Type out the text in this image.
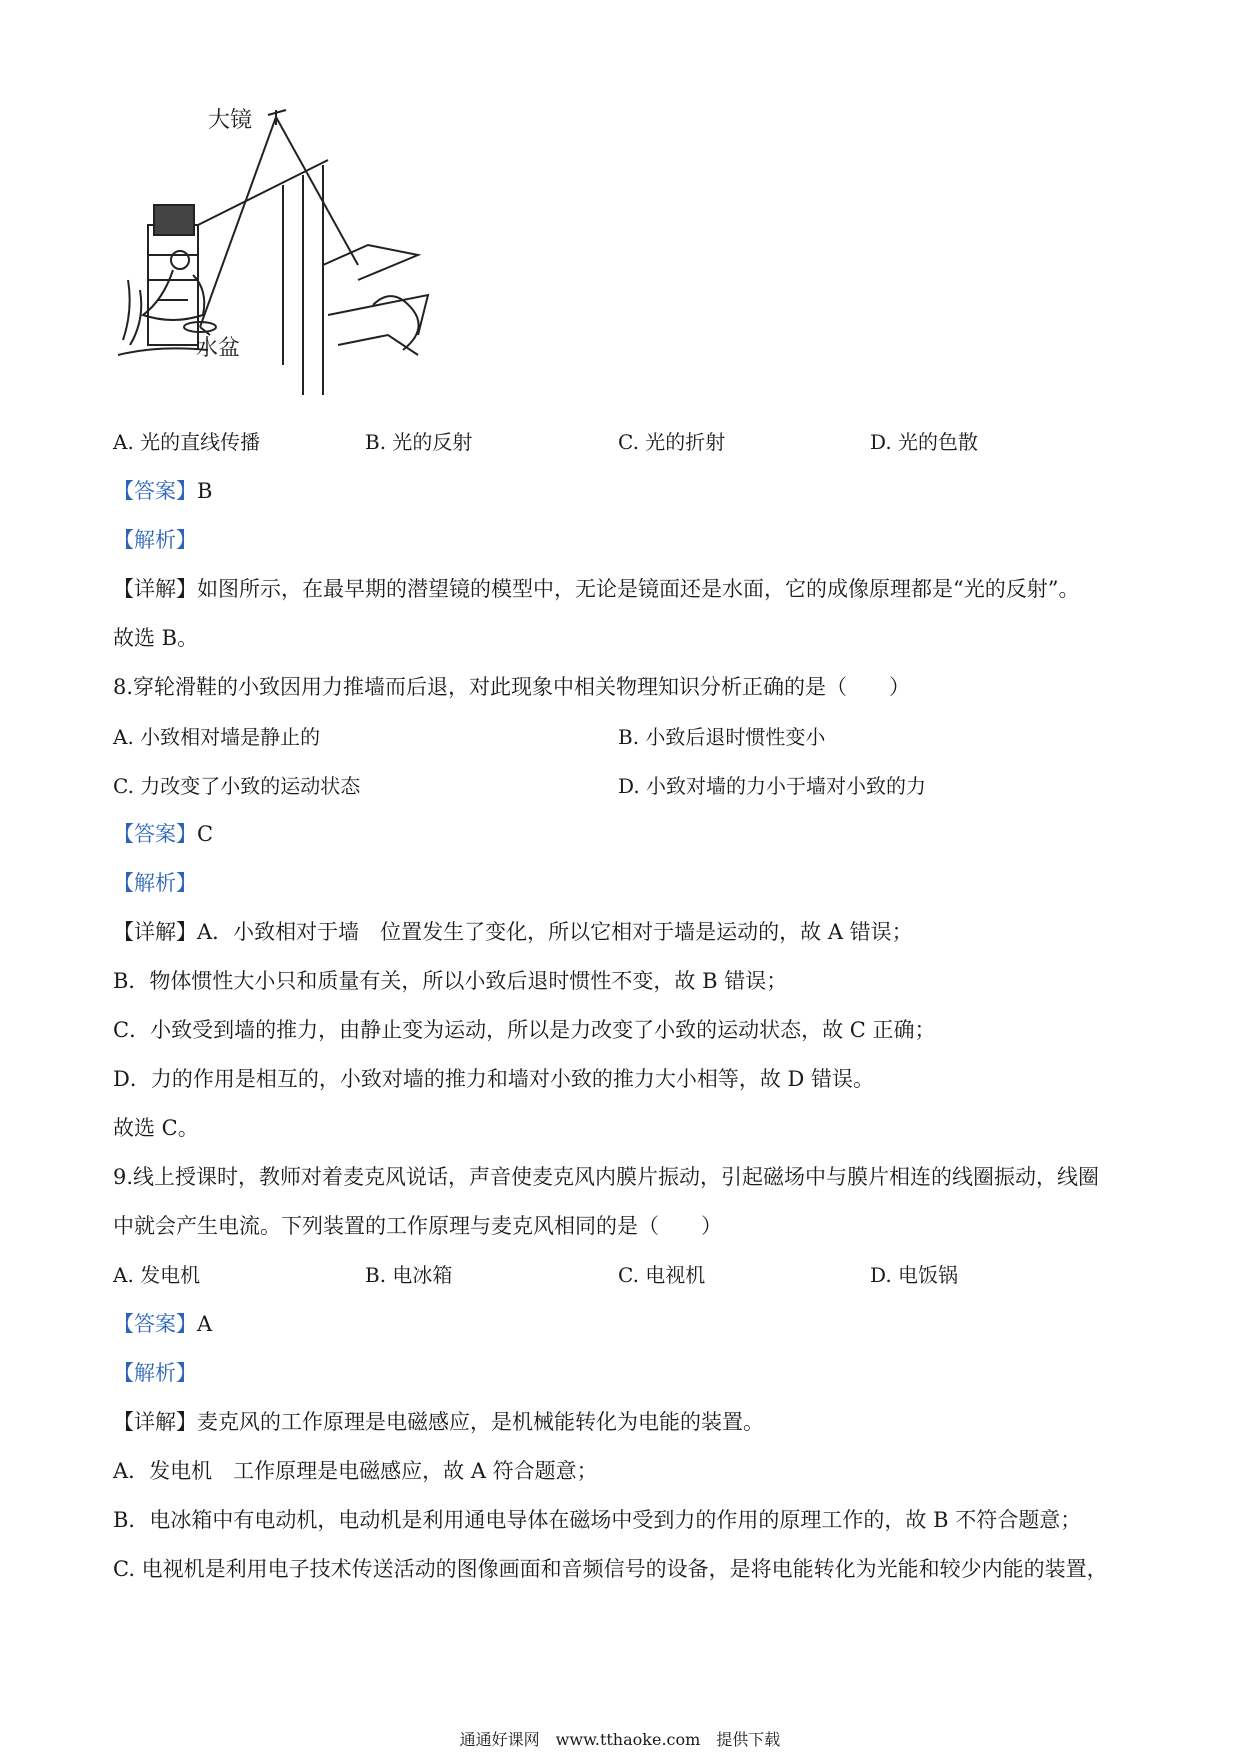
大镜
水盆
A. 光的直线传播	B. 光的反射	C. 光的折射	D. 光的色散
【答案】B
【解析】
【详解】如图所示，在最早期的潜望镜的模型中，无论是镜面还是水面，它的成像原理都是“光的反射”。
故选 B。
8.穿轮滑鞋的小致因用力推墙而后退，对此现象中相关物理知识分析正确的是（　　）
A. 小致相对墙是静止的	B. 小致后退时惯性变小
C. 力改变了小致的运动状态	D. 小致对墙的力小于墙对小致的力
【答案】C
【解析】
【详解】A．小致相对于墙　位置发生了变化，所以它相对于墙是运动的，故 A 错误；
B．物体惯性大小只和质量有关，所以小致后退时惯性不变，故 B 错误；
C．小致受到墙的推力，由静止变为运动，所以是力改变了小致的运动状态，故 C 正确；
D．力的作用是相互的，小致对墙的推力和墙对小致的推力大小相等，故 D 错误。
故选 C。
9.线上授课时，教师对着麦克风说话，声音使麦克风内膜片振动，引起磁场中与膜片相连的线圈振动，线圈
中就会产生电流。下列装置的工作原理与麦克风相同的是（　　）
A. 发电机	B. 电冰箱	C. 电视机	D. 电饭锅
【答案】A
【解析】
【详解】麦克风的工作原理是电磁感应，是机械能转化为电能的装置。
A．发电机　工作原理是电磁感应，故 A 符合题意；
B．电冰箱中有电动机，电动机是利用通电导体在磁场中受到力的作用的原理工作的，故 B 不符合题意；
C. 电视机是利用电子技术传送活动的图像画面和音频信号的设备，是将电能转化为光能和较少内能的装置，
通通好课网　www.tthaoke.com　提供下载
